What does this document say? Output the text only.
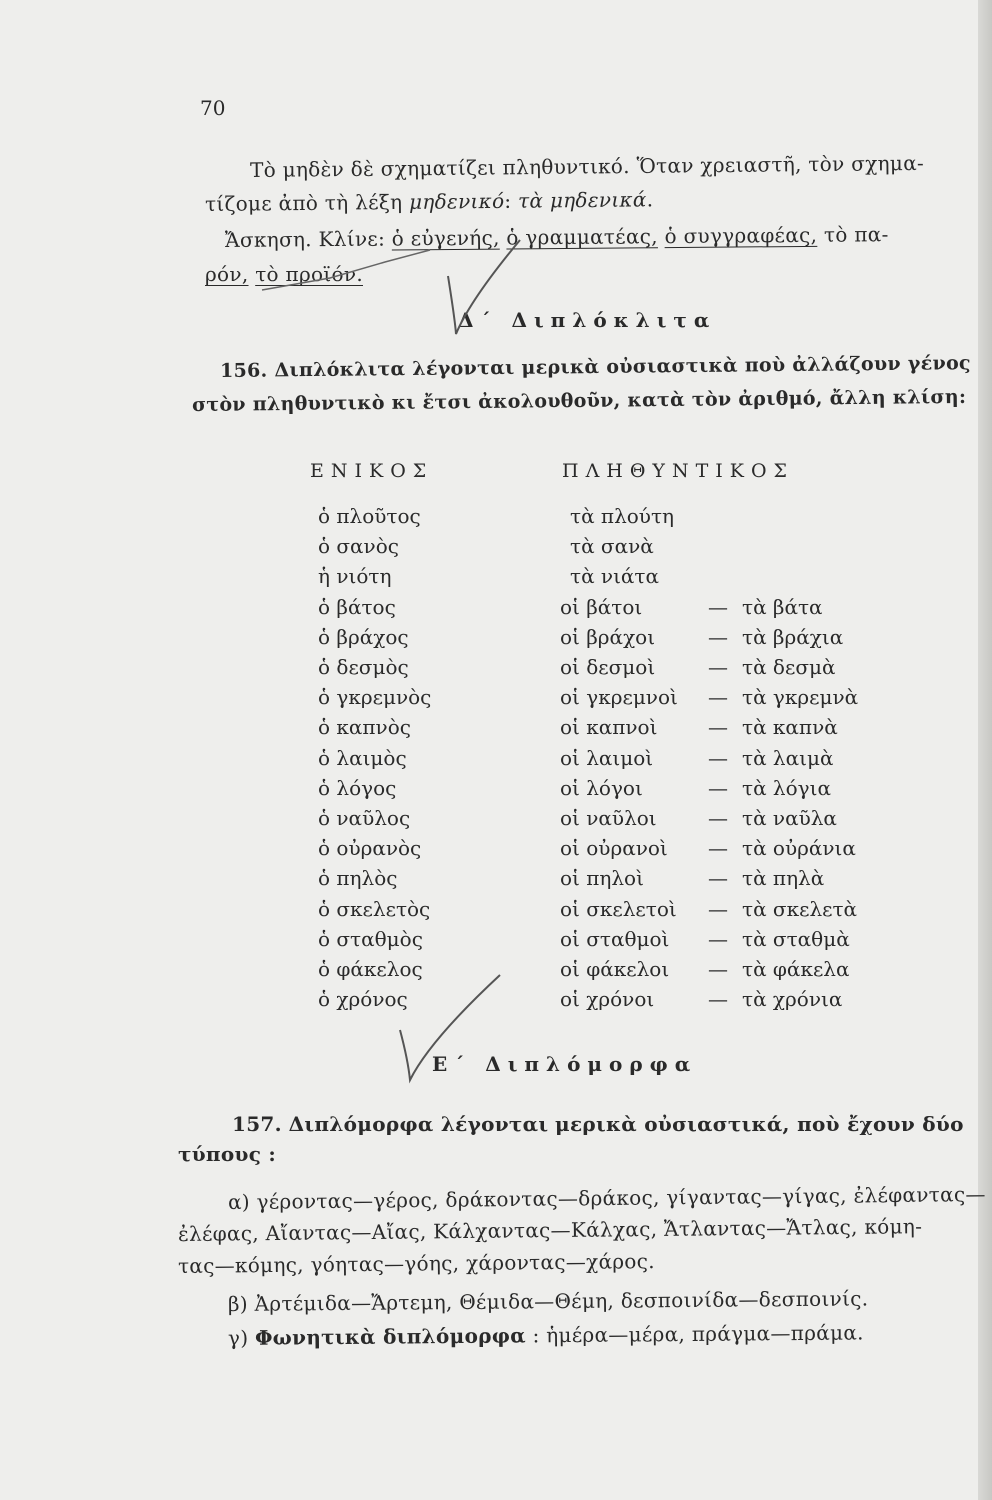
70
Τὸ μηδὲν δὲ σχηματίζει πληθυντικό. Ὅταν χρειαστῆ, τὸν σχημα-
τίζομε ἀπὸ τὴ λέξη μηδενικό: τὰ μηδενικά.
Ἄσκηση. Κλίνε: ὁ εὐγενής, ὁ γραμματέας, ὁ συγγραφέας, τὸ πα-
ρόν, τὸ προϊόν.
Δ΄ Διπλόκλιτα
156. Διπλόκλιτα λέγονται μερικὰ οὐσιαστικὰ ποὺ ἀλλάζουν γένος
στὸν πληθυντικὸ κι ἔτσι ἀκολουθοῦν, κατὰ τὸν ἀριθμό, ἄλλη κλίση:
ΕΝΙΚΟΣ	ΠΛΗΘΥΝΤΙΚΟΣ
ὁ πλοῦτος	τὰ πλούτη
ὁ σανὸς	τὰ σανὰ
ἡ νιότη	τὰ νιάτα
ὁ βάτος	οἱ βάτοι	— τὰ βάτα
ὁ βράχος	οἱ βράχοι	— τὰ βράχια
ὁ δεσμὸς	οἱ δεσμοὶ	— τὰ δεσμὰ
ὁ γκρεμνὸς	οἱ γκρεμνοὶ — τὰ γκρεμνὰ
ὁ καπνὸς	οἱ καπνοὶ	— τὰ καπνὰ
ὁ λαιμὸς	οἱ λαιμοὶ	— τὰ λαιμὰ
ὁ λόγος	οἱ λόγοι	— τὰ λόγια
ὁ ναῦλος	οἱ ναῦλοι	— τὰ ναῦλα
ὁ οὐρανὸς	οἱ οὐρανοὶ — τὰ οὐράνια
ὁ πηλὸς	οἱ πηλοὶ	— τὰ πηλὰ
ὁ σκελετὸς	οἱ σκελετοὶ — τὰ σκελετὰ
ὁ σταθμὸς	οἱ σταθμοὶ — τὰ σταθμὰ
ὁ φάκελος	οἱ φάκελοι — τὰ φάκελα
ὁ χρόνος	οἱ χρόνοι	— τὰ χρόνια
Ε΄ Διπλόμορφα
157. Διπλόμορφα λέγονται μερικὰ οὐσιαστικά, ποὺ ἔχουν δύο
τύπους :
α) γέροντας—γέρος, δράκοντας—δράκος, γίγαντας—γίγας, ἐλέφαντας—
ἐλέφας, Αἴαντας—Αἴας, Κάλχαντας—Κάλχας, Ἄτλαντας—Ἄτλας, κόμη-
τας—κόμης, γόητας—γόης, χάροντας—χάρος.
β) Ἀρτέμιδα—Ἄρτεμη, Θέμιδα—Θέμη, δεσποινίδα—δεσποινίς.
γ) Φωνητικὰ διπλόμορφα : ἡμέρα—μέρα, πράγμα—πράμα.
